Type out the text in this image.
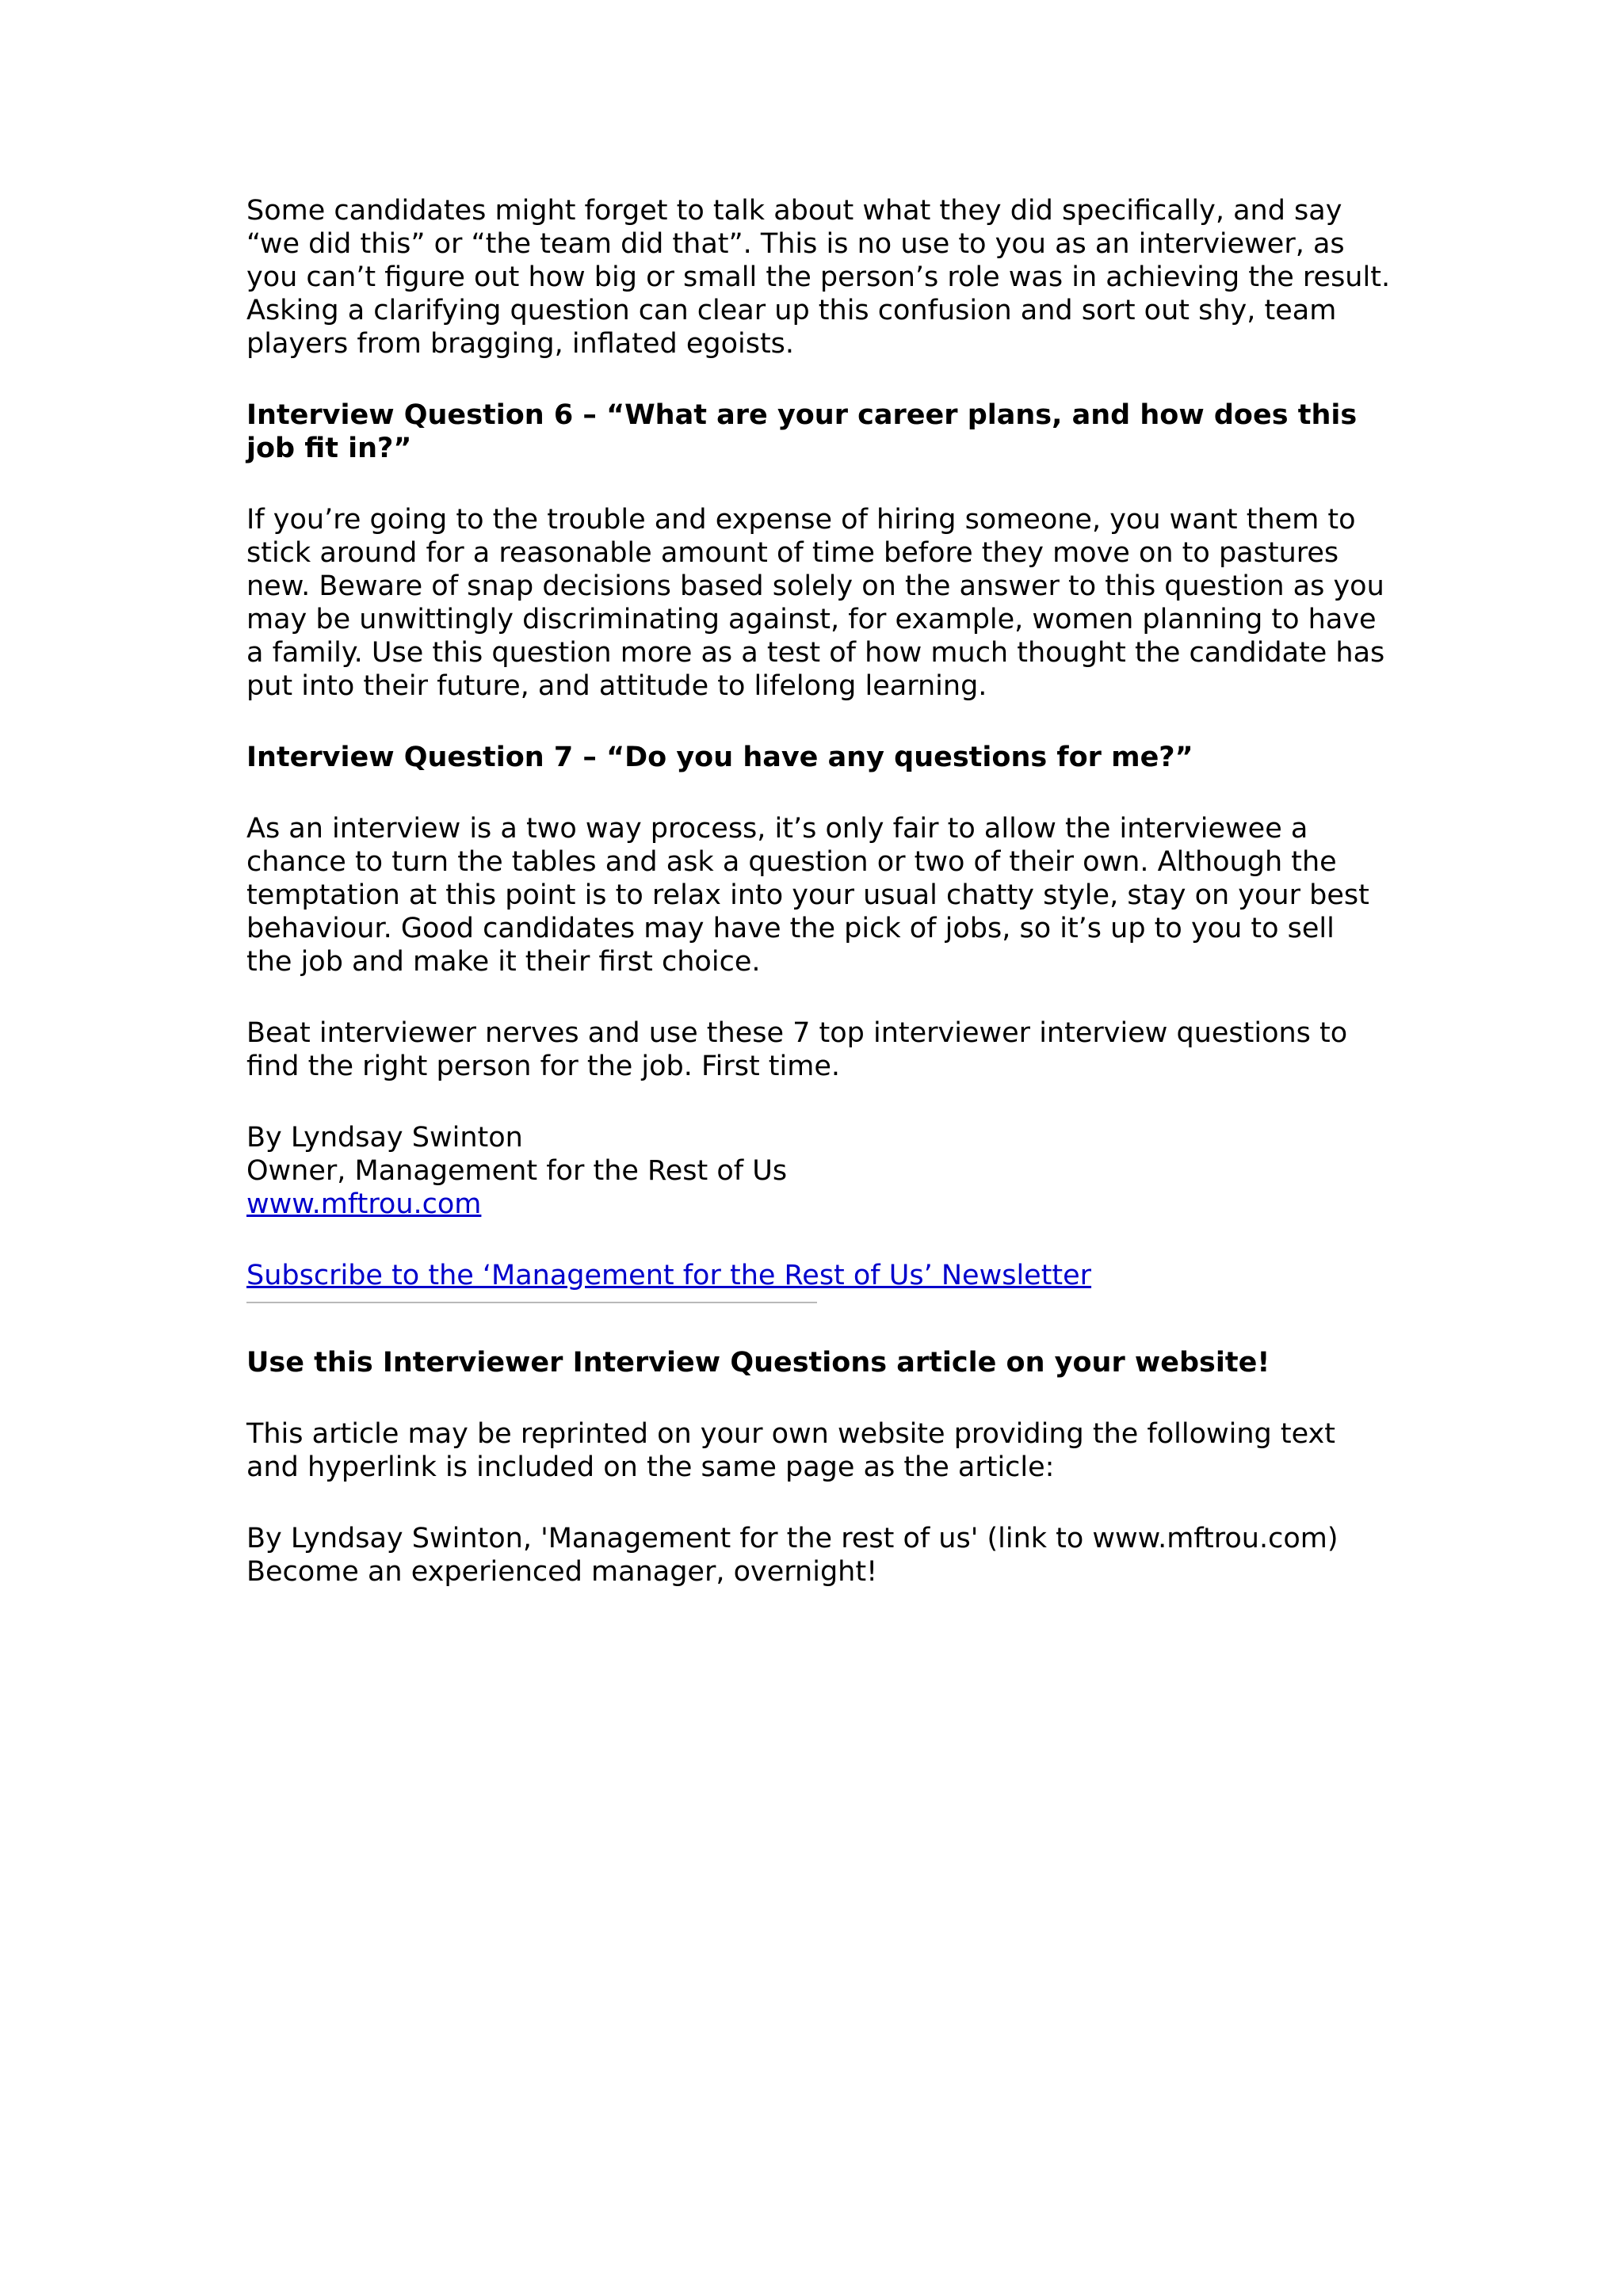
Some candidates might forget to talk about what they did specifically, and say
“we did this” or “the team did that”. This is no use to you as an interviewer, as
you can’t figure out how big or small the person’s role was in achieving the result.
Asking a clarifying question can clear up this confusion and sort out shy, team
players from bragging, inflated egoists.

Interview Question 6 – “What are your career plans, and how does this
job fit in?”

If you’re going to the trouble and expense of hiring someone, you want them to
stick around for a reasonable amount of time before they move on to pastures
new. Beware of snap decisions based solely on the answer to this question as you
may be unwittingly discriminating against, for example, women planning to have
a family. Use this question more as a test of how much thought the candidate has
put into their future, and attitude to lifelong learning.

Interview Question 7 – “Do you have any questions for me?”

As an interview is a two way process, it’s only fair to allow the interviewee a
chance to turn the tables and ask a question or two of their own. Although the
temptation at this point is to relax into your usual chatty style, stay on your best
behaviour. Good candidates may have the pick of jobs, so it’s up to you to sell
the job and make it their first choice.

Beat interviewer nerves and use these 7 top interviewer interview questions to
find the right person for the job. First time.

By Lyndsay Swinton
Owner, Management for the Rest of Us
www.mftrou.com

Subscribe to the ‘Management for the Rest of Us’ Newsletter

Use this Interviewer Interview Questions article on your website!

This article may be reprinted on your own website providing the following text
and hyperlink is included on the same page as the article:

By Lyndsay Swinton, 'Management for the rest of us' (link to www.mftrou.com)
Become an experienced manager, overnight!
